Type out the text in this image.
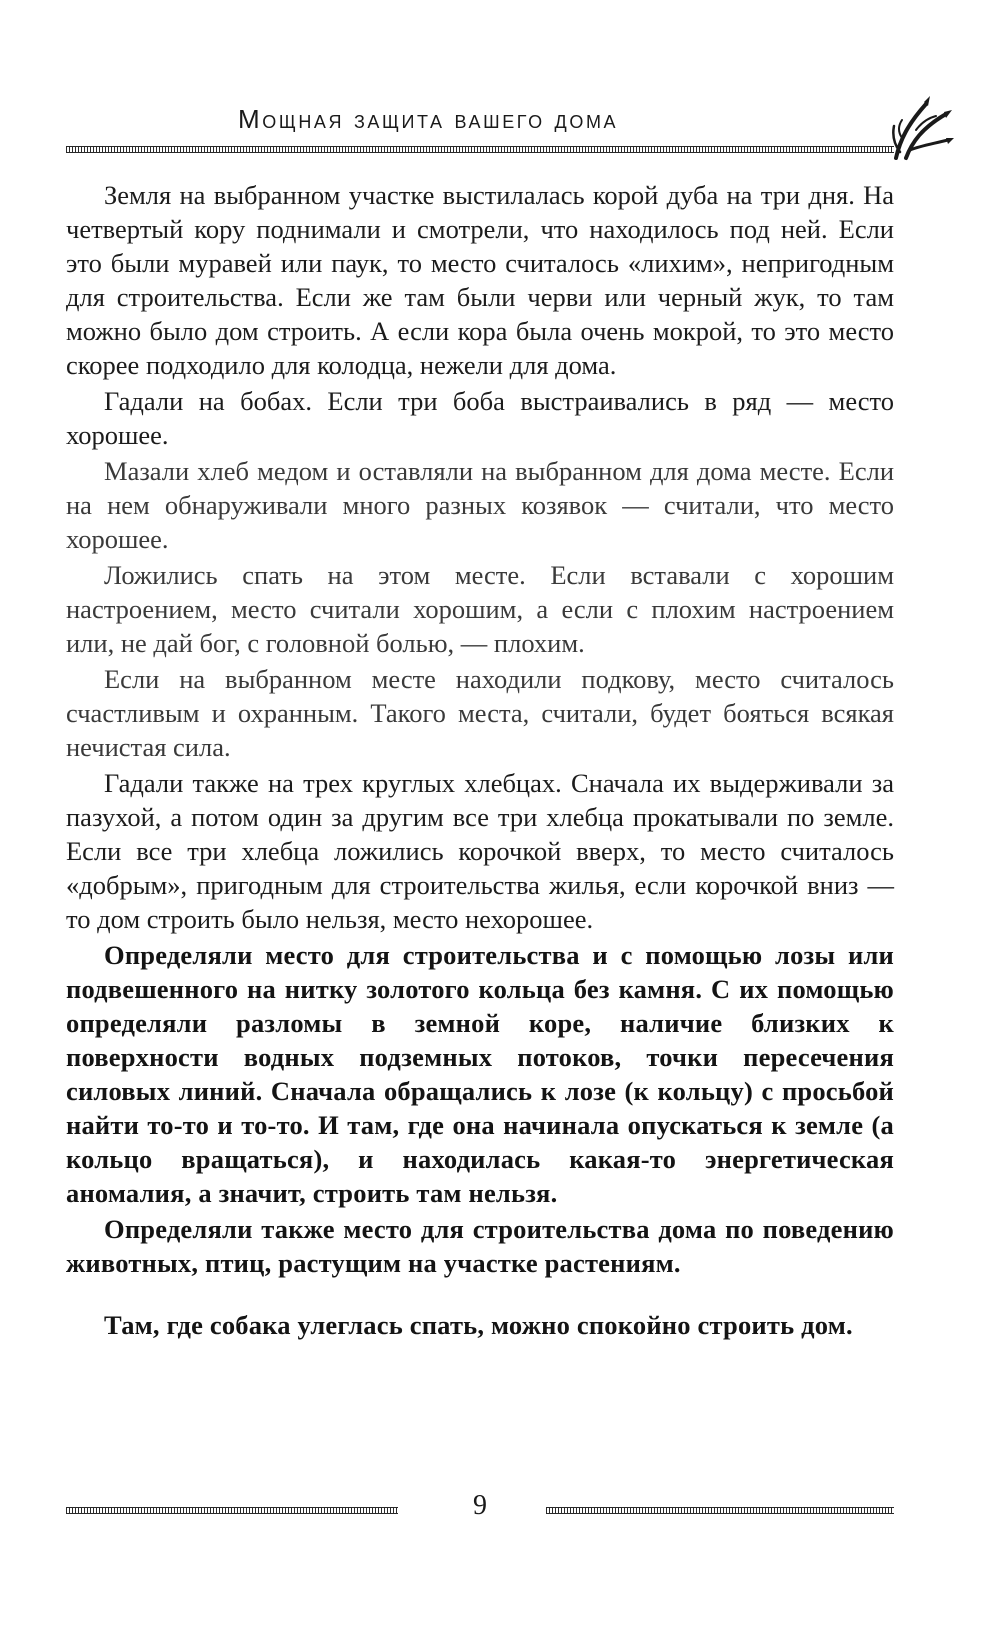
Мощная защита вашего дома

Земля на выбранном участке выстилалась корой дуба на три дня. На четвертый кору поднимали и смотрели, что находилось под ней. Если это были муравей или паук, то место считалось «лихим», непригодным для строительства. Если же там были черви или черный жук, то там можно было дом строить. А если кора была очень мокрой, то это место скорее подходило для колодца, нежели для дома.

Гадали на бобах. Если три боба выстраивались в ряд — место хорошее.

Мазали хлеб медом и оставляли на выбранном для дома месте. Если на нем обнаруживали много разных козявок — считали, что место хорошее.

Ложились спать на этом месте. Если вставали с хорошим настроением, место считали хорошим, а если с плохим настроением или, не дай бог, с головной болью, — плохим.

Если на выбранном месте находили подкову, место считалось счастливым и охранным. Такого места, считали, будет бояться всякая нечистая сила.

Гадали также на трех круглых хлебцах. Сначала их выдерживали за пазухой, а потом один за другим все три хлебца прокатывали по земле. Если все три хлебца ложились корочкой вверх, то место считалось «добрым», пригодным для строительства жилья, если корочкой вниз — то дом строить было нельзя, место нехорошее.

Определяли место для строительства и с помощью лозы или подвешенного на нитку золотого кольца без камня. С их помощью определяли разломы в земной коре, наличие близких к поверхности водных подземных потоков, точки пересечения силовых линий. Сначала обращались к лозе (к кольцу) с просьбой найти то-то и то-то. И там, где она начинала опускаться к земле (а кольцо вращаться), и находилась какая-то энергетическая аномалия, а значит, строить там нельзя.

Определяли также место для строительства дома по поведению животных, птиц, растущим на участке растениям.

Там, где собака улеглась спать, можно спокойно строить дом.

9
